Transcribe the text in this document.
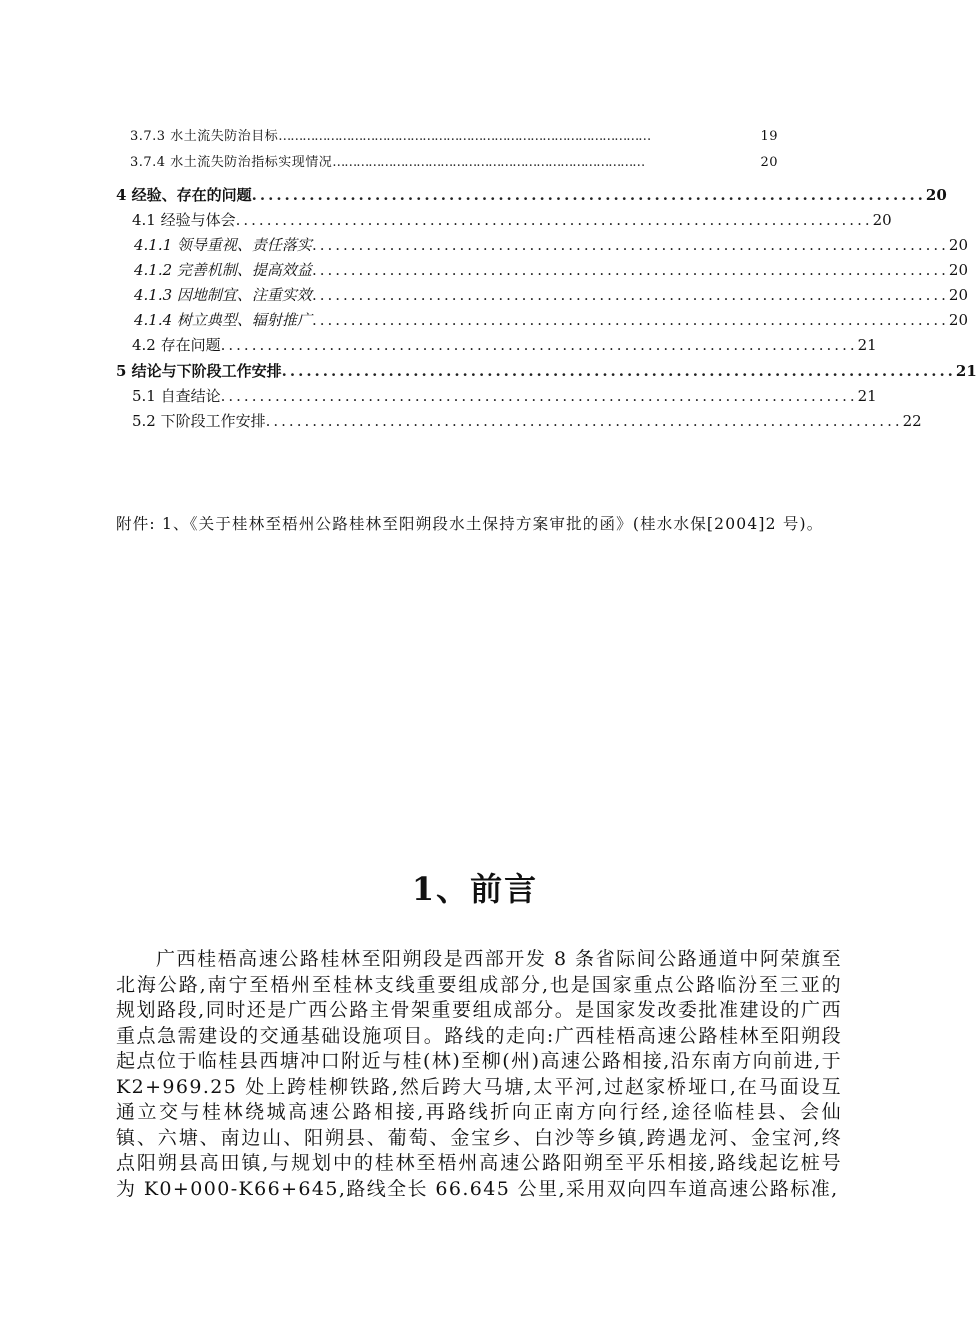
3.7.3 水土流失防治目标 …………………………………………………………………………………	19
3.7.4 水土流失防治指标实现情况 ……………………………………………………………………	20
4 经验、存在的问题 .................................................................................. 20
4.1 经验与体会 .................................................................................. 20
4.1.1 领导重视、责任落实 .................................................................................. 20
4.1.2 完善机制、提高效益 .................................................................................. 20
4.1.3 因地制宜、注重实效 .................................................................................. 20
4.1.4 树立典型、辐射推广 .................................................................................. 20
4.2 存在问题 .................................................................................. 21
5 结论与下阶段工作安排 .................................................................................. 21
5.1 自查结论 .................................................................................. 21
5.2 下阶段工作安排 .................................................................................. 22
附件: 1、《关于桂林至梧州公路桂林至阳朔段水土保持方案审批的函》(桂水水保[2004]2 号)。
1、前言

广西桂梧高速公路桂林至阳朔段是西部开发 8 条省际间公路通道中阿荣旗至北海公路,南宁至梧州至桂林支线重要组成部分,也是国家重点公路临汾至三亚的规划路段,同时还是广西公路主骨架重要组成部分。是国家发改委批准建设的广西重点急需建设的交通基础设施项目。路线的走向:广西桂梧高速公路桂林至阳朔段起点位于临桂县西塘冲口附近与桂(林)至柳(州)高速公路相接,沿东南方向前进,于 K2+969.25 处上跨桂柳铁路,然后跨大马塘,太平河,过赵家桥垭口,在马面设互通立交与桂林绕城高速公路相接,再路线折向正南方向行经,途径临桂县、会仙镇、六塘、南边山、阳朔县、葡萄、金宝乡、白沙等乡镇,跨遇龙河、金宝河,终点阳朔县高田镇,与规划中的桂林至梧州高速公路阳朔至平乐相接,路线起讫桩号为 K0+000-K66+645,路线全长 66.645 公里,采用双向四车道高速公路标准,
